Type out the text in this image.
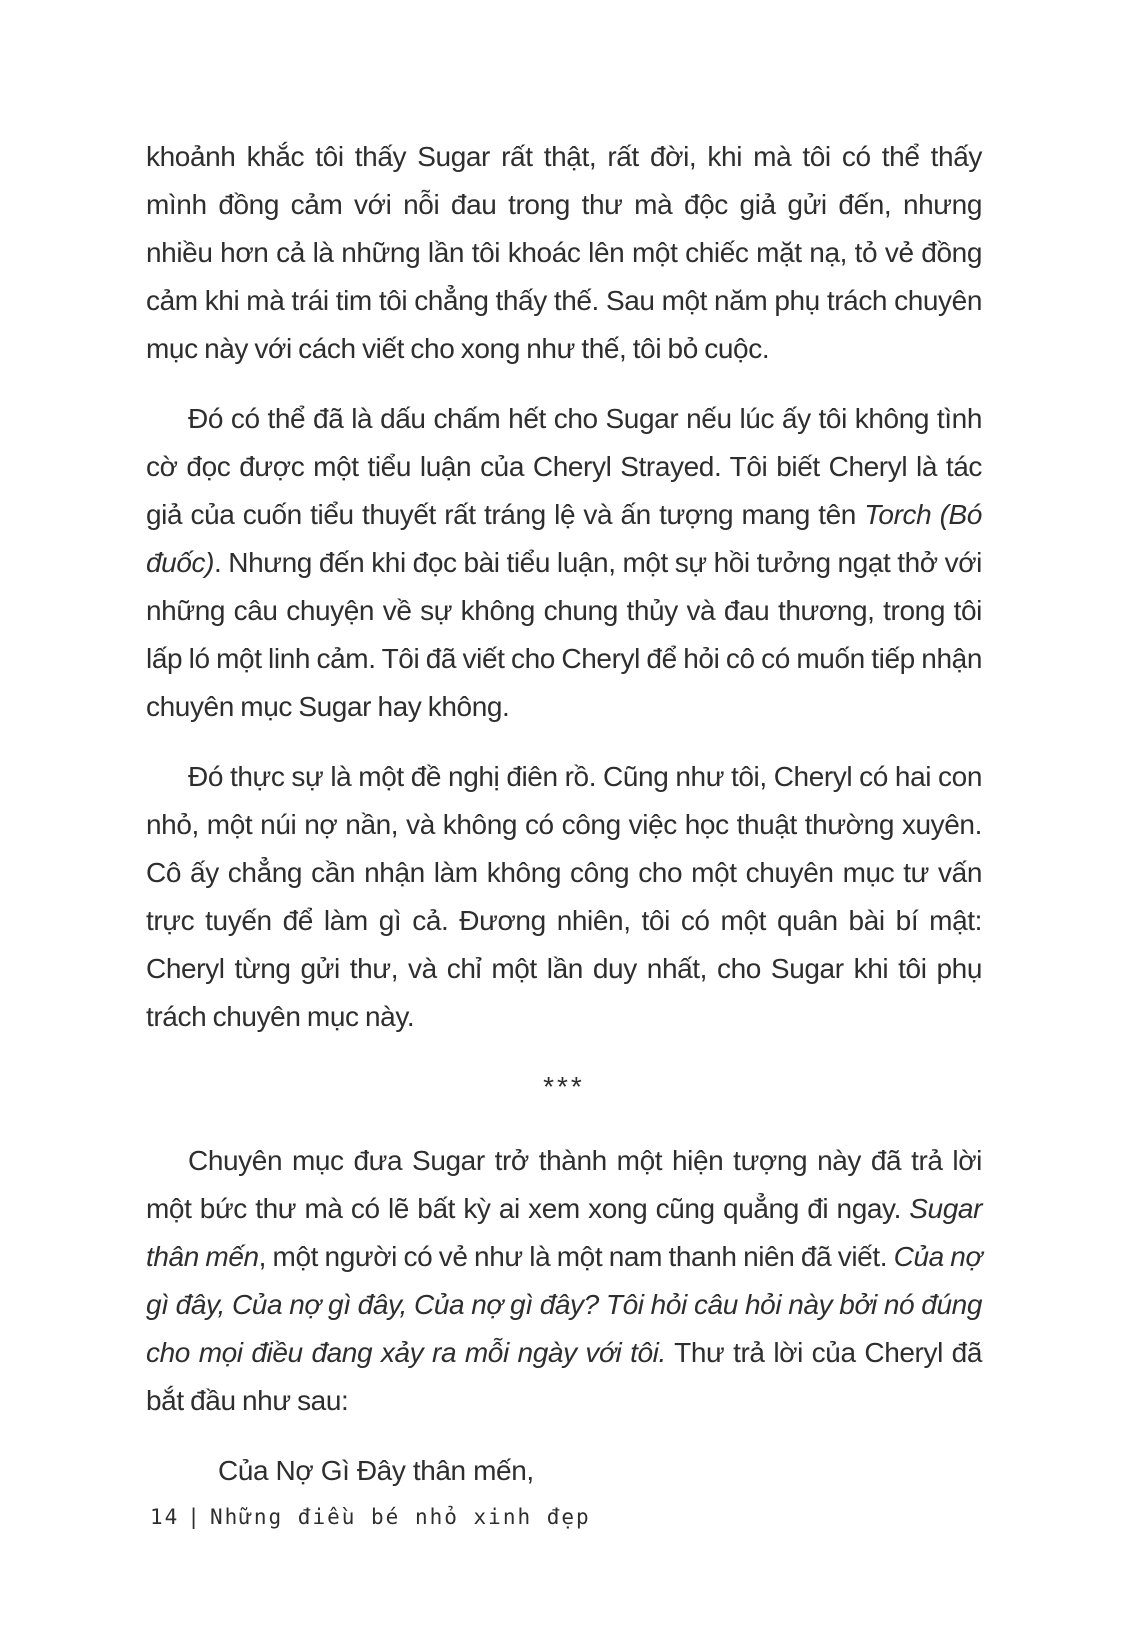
khoảnh khắc tôi thấy Sugar rất thật, rất đời, khi mà tôi có thể thấy mình đồng cảm với nỗi đau trong thư mà độc giả gửi đến, nhưng nhiều hơn cả là những lần tôi khoác lên một chiếc mặt nạ, tỏ vẻ đồng cảm khi mà trái tim tôi chẳng thấy thế. Sau một năm phụ trách chuyên mục này với cách viết cho xong như thế, tôi bỏ cuộc.

Đó có thể đã là dấu chấm hết cho Sugar nếu lúc ấy tôi không tình cờ đọc được một tiểu luận của Cheryl Strayed. Tôi biết Cheryl là tác giả của cuốn tiểu thuyết rất tráng lệ và ấn tượng mang tên Torch (Bó đuốc). Nhưng đến khi đọc bài tiểu luận, một sự hồi tưởng ngạt thở với những câu chuyện về sự không chung thủy và đau thương, trong tôi lấp ló một linh cảm. Tôi đã viết cho Cheryl để hỏi cô có muốn tiếp nhận chuyên mục Sugar hay không.

Đó thực sự là một đề nghị điên rồ. Cũng như tôi, Cheryl có hai con nhỏ, một núi nợ nần, và không có công việc học thuật thường xuyên. Cô ấy chẳng cần nhận làm không công cho một chuyên mục tư vấn trực tuyến để làm gì cả. Đương nhiên, tôi có một quân bài bí mật: Cheryl từng gửi thư, và chỉ một lần duy nhất, cho Sugar khi tôi phụ trách chuyên mục này.

***

Chuyên mục đưa Sugar trở thành một hiện tượng này đã trả lời một bức thư mà có lẽ bất kỳ ai xem xong cũng quẳng đi ngay. Sugar thân mến, một người có vẻ như là một nam thanh niên đã viết. Của nợ gì đây, Của nợ gì đây, Của nợ gì đây? Tôi hỏi câu hỏi này bởi nó đúng cho mọi điều đang xảy ra mỗi ngày với tôi. Thư trả lời của Cheryl đã bắt đầu như sau:

Của Nợ Gì Đây thân mến,

14 | Những điều bé nhỏ xinh đẹp
